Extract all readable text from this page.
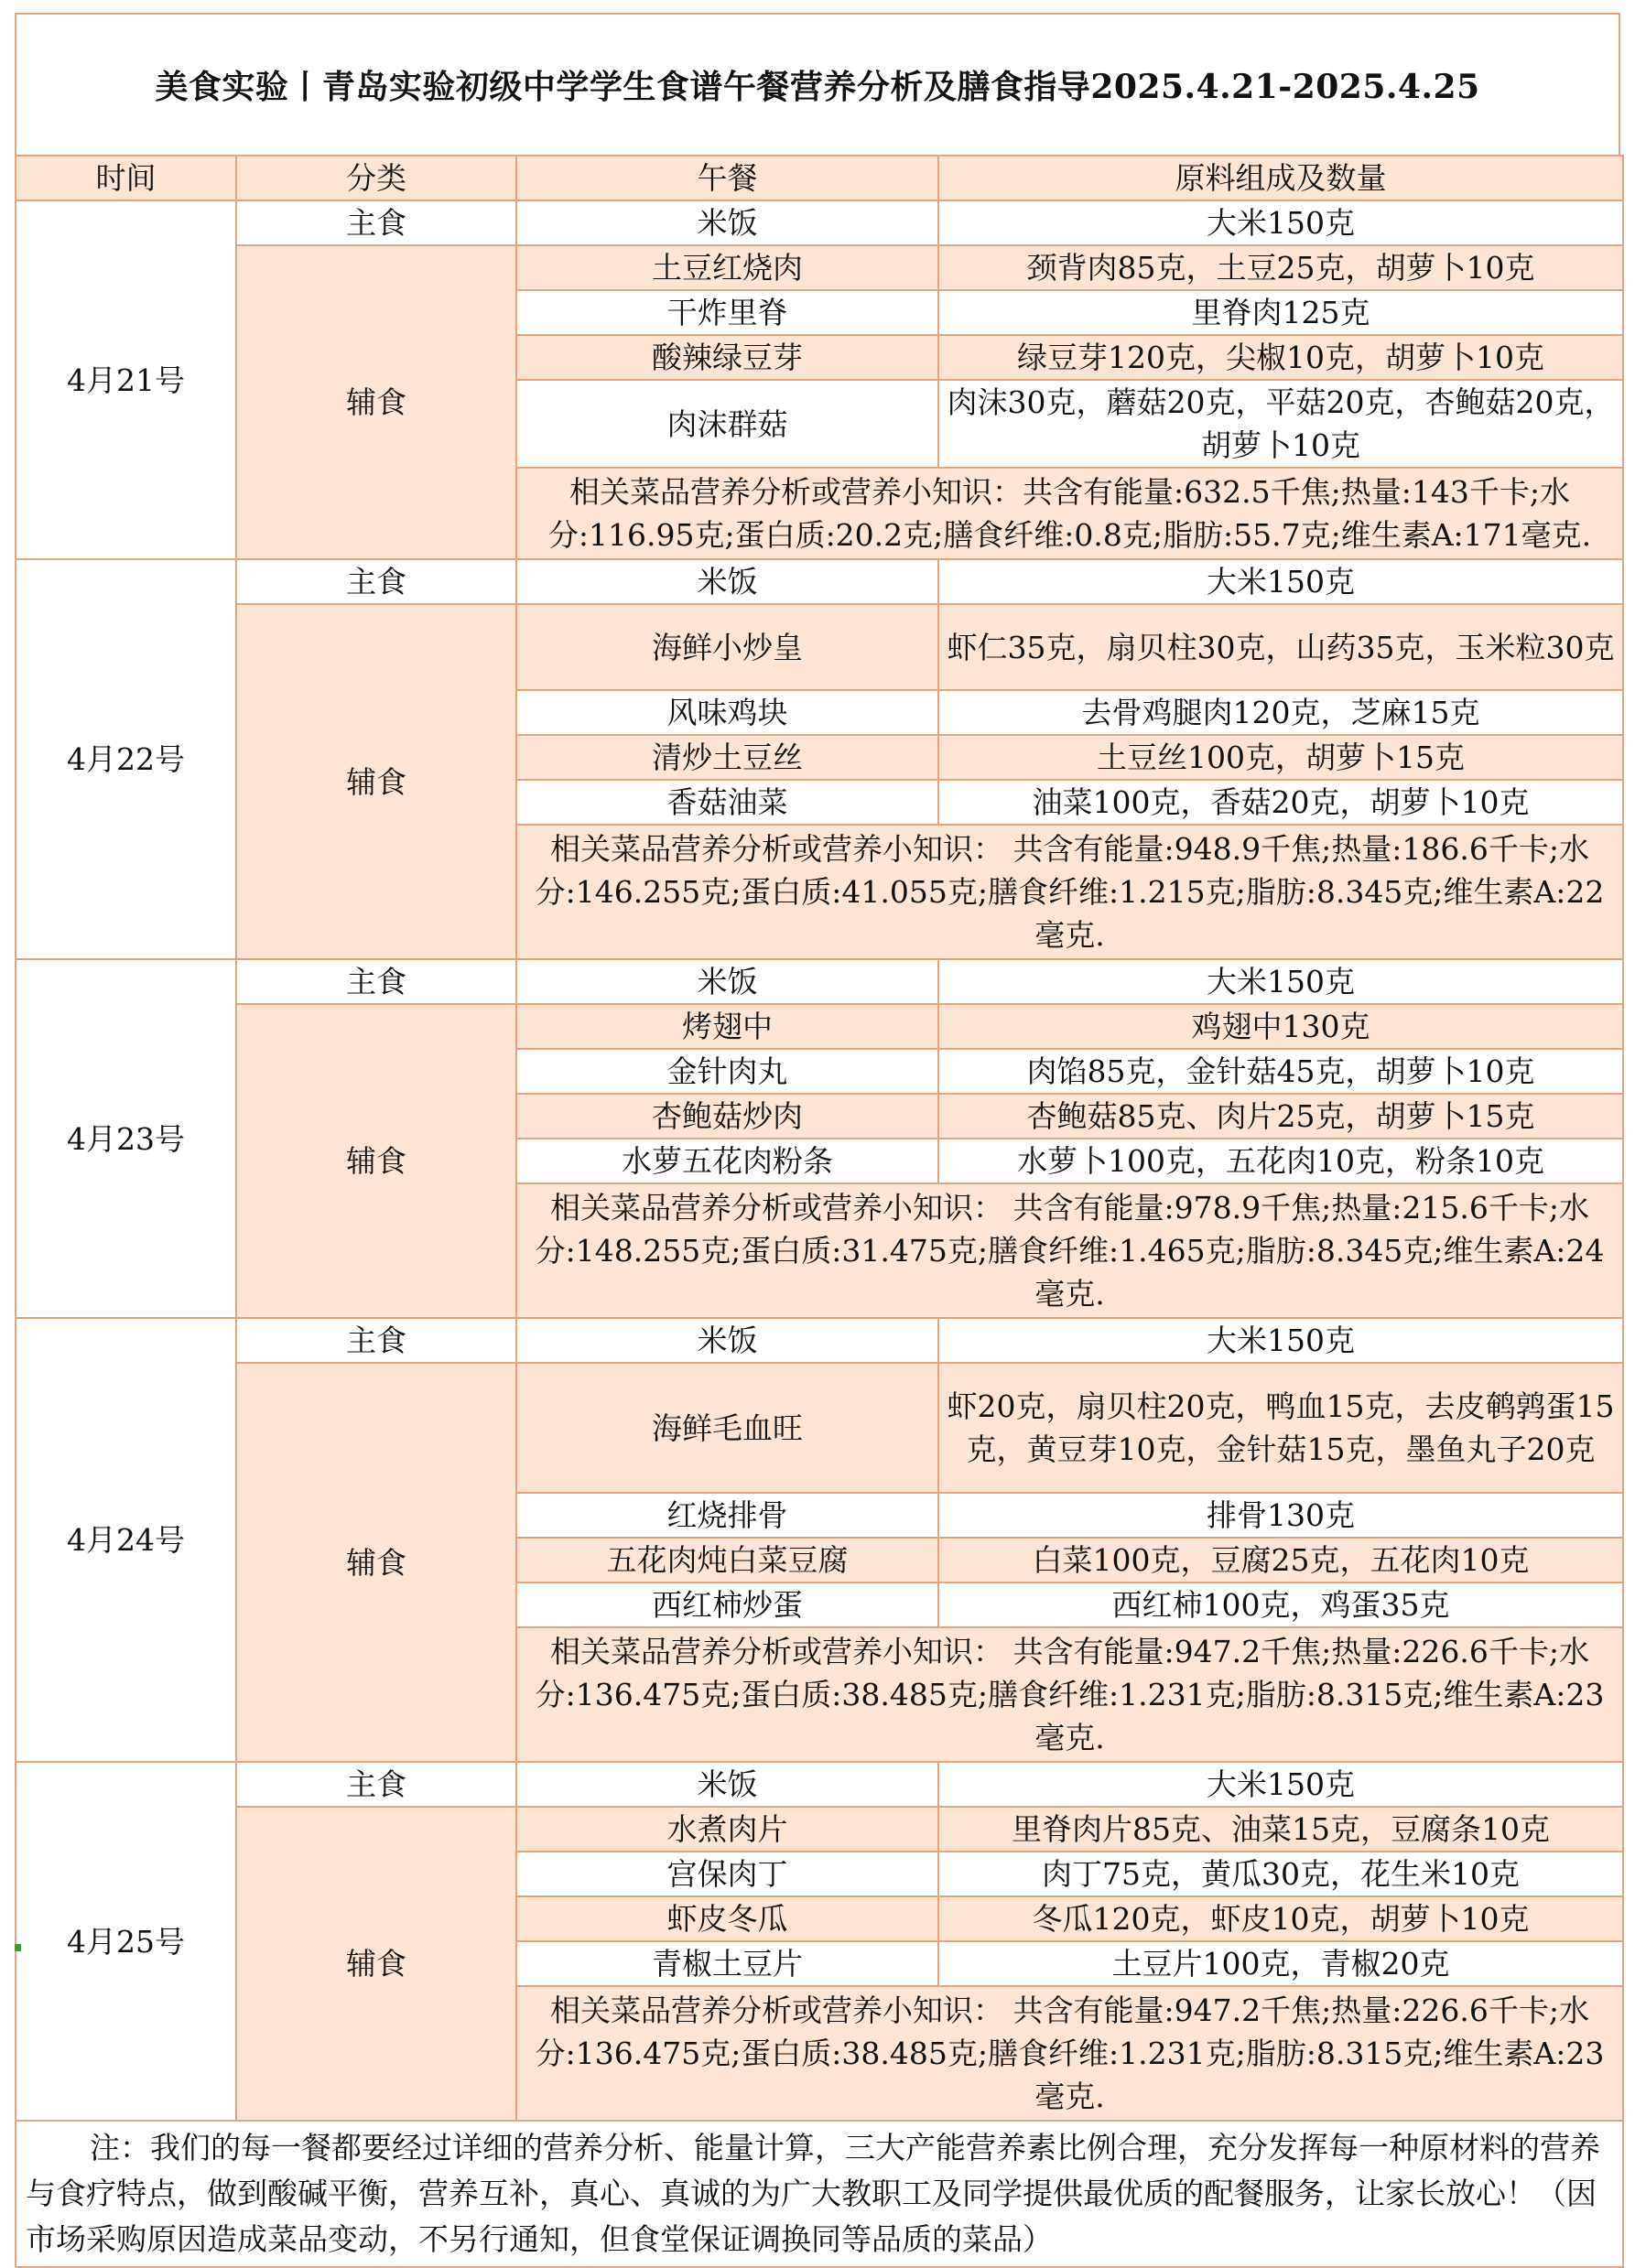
美食实验丨青岛实验初级中学学生食谱午餐营养分析及膳食指导2025.4.21-2025.4.25
时间	分类	午餐	原料组成及数量
4月21号	主食	米饭	大米150克
	辅食	土豆红烧肉	颈背肉85克，土豆25克，胡萝卜10克
		干炸里脊	里脊肉125克
		酸辣绿豆芽	绿豆芽120克，尖椒10克，胡萝卜10克
		肉沫群菇	肉沫30克，蘑菇20克，平菇20克，杏鲍菇20克，胡萝卜10克
		相关菜品营养分析或营养小知识：共含有能量:632.5千焦;热量:143千卡;水分:116.95克;蛋白质:20.2克;膳食纤维:0.8克;脂肪:55.7克;维生素A:171毫克.	
4月22号	主食	米饭	大米150克
	辅食	海鲜小炒皇	虾仁35克，扇贝柱30克，山药35克，玉米粒30克
		风味鸡块	去骨鸡腿肉120克，芝麻15克
		清炒土豆丝	土豆丝100克，胡萝卜15克
		香菇油菜	油菜100克，香菇20克，胡萝卜10克
		相关菜品营养分析或营养小知识： 共含有能量:948.9千焦;热量:186.6千卡;水分:146.255克;蛋白质:41.055克;膳食纤维:1.215克;脂肪:8.345克;维生素A:22毫克.	
4月23号	主食	米饭	大米150克
	辅食	烤翅中	鸡翅中130克
		金针肉丸	肉馅85克，金针菇45克，胡萝卜10克
		杏鲍菇炒肉	杏鲍菇85克、肉片25克，胡萝卜15克
		水萝五花肉粉条	水萝卜100克，五花肉10克，粉条10克
		相关菜品营养分析或营养小知识： 共含有能量:978.9千焦;热量:215.6千卡;水分:148.255克;蛋白质:31.475克;膳食纤维:1.465克;脂肪:8.345克;维生素A:24毫克.	
4月24号	主食	米饭	大米150克
	辅食	海鲜毛血旺	虾20克，扇贝柱20克，鸭血15克，去皮鹌鹑蛋15克，黄豆芽10克，金针菇15克，墨鱼丸子20克
		红烧排骨	排骨130克
		五花肉炖白菜豆腐	白菜100克，豆腐25克，五花肉10克
		西红柿炒蛋	西红柿100克，鸡蛋35克
		相关菜品营养分析或营养小知识： 共含有能量:947.2千焦;热量:226.6千卡;水分:136.475克;蛋白质:38.485克;膳食纤维:1.231克;脂肪:8.315克;维生素A:23毫克.	
4月25号	主食	米饭	大米150克
	辅食	水煮肉片	里脊肉片85克、油菜15克，豆腐条10克
		宫保肉丁	肉丁75克，黄瓜30克，花生米10克
		虾皮冬瓜	冬瓜120克，虾皮10克，胡萝卜10克
		青椒土豆片	土豆片100克，青椒20克
		相关菜品营养分析或营养小知识： 共含有能量:947.2千焦;热量:226.6千卡;水分:136.475克;蛋白质:38.485克;膳食纤维:1.231克;脂肪:8.315克;维生素A:23毫克.	
注：我们的每一餐都要经过详细的营养分析、能量计算，三大产能营养素比例合理，充分发挥每一种原材料的营养与食疗特点，做到酸碱平衡，营养互补，真心、真诚的为广大教职工及同学提供最优质的配餐服务，让家长放心！（因市场采购原因造成菜品变动，不另行通知，但食堂保证调换同等品质的菜品）			
